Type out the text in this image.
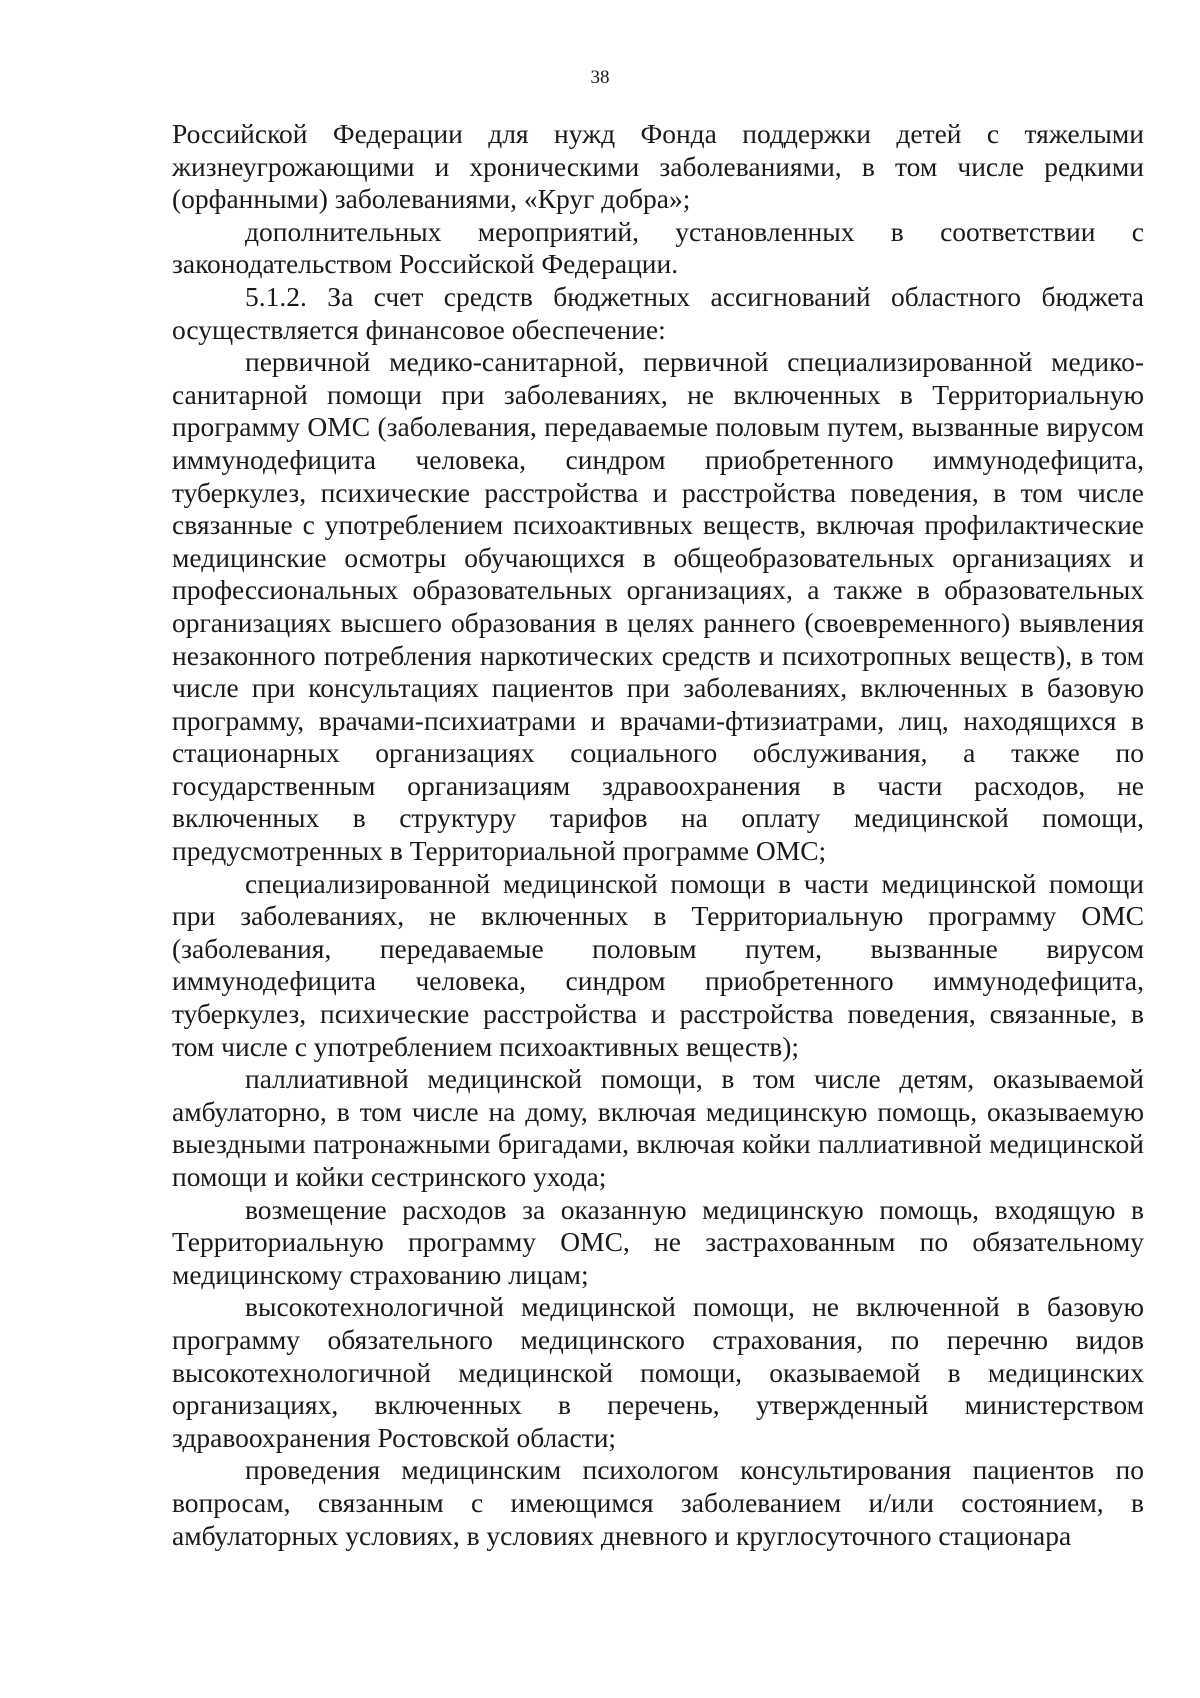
38

Российской Федерации для нужд Фонда поддержки детей с тяжелыми жизнеугрожающими и хроническими заболеваниями, в том числе редкими (орфанными) заболеваниями, «Круг добра»;

дополнительных мероприятий, установленных в соответствии с законодательством Российской Федерации.

5.1.2. За счет средств бюджетных ассигнований областного бюджета осуществляется финансовое обеспечение:

первичной медико-санитарной, первичной специализированной медико-санитарной помощи при заболеваниях, не включенных в Территориальную программу ОМС (заболевания, передаваемые половым путем, вызванные вирусом иммунодефицита человека, синдром приобретенного иммунодефицита, туберкулез, психические расстройства и расстройства поведения, в том числе связанные с употреблением психоактивных веществ, включая профилактические медицинские осмотры обучающихся в общеобразовательных организациях и профессиональных образовательных организациях, а также в образовательных организациях высшего образования в целях раннего (своевременного) выявления незаконного потребления наркотических средств и психотропных веществ), в том числе при консультациях пациентов при заболеваниях, включенных в базовую программу, врачами-психиатрами и врачами-фтизиатрами, лиц, находящихся в стационарных организациях социального обслуживания, а также по государственным организациям здравоохранения в части расходов, не включенных в структуру тарифов на оплату медицинской помощи, предусмотренных в Территориальной программе ОМС;

специализированной медицинской помощи в части медицинской помощи при заболеваниях, не включенных в Территориальную программу ОМС (заболевания, передаваемые половым путем, вызванные вирусом иммунодефицита человека, синдром приобретенного иммунодефицита, туберкулез, психические расстройства и расстройства поведения, связанные, в том числе с употреблением психоактивных веществ);

паллиативной медицинской помощи, в том числе детям, оказываемой амбулаторно, в том числе на дому, включая медицинскую помощь, оказываемую выездными патронажными бригадами, включая койки паллиативной медицинской помощи и койки сестринского ухода;

возмещение расходов за оказанную медицинскую помощь, входящую в Территориальную программу ОМС, не застрахованным по обязательному медицинскому страхованию лицам;

высокотехнологичной медицинской помощи, не включенной в базовую программу обязательного медицинского страхования, по перечню видов высокотехнологичной медицинской помощи, оказываемой в медицинских организациях, включенных в перечень, утвержденный министерством здравоохранения Ростовской области;

проведения медицинским психологом консультирования пациентов по вопросам, связанным с имеющимся заболеванием и/или состоянием, в амбулаторных условиях, в условиях дневного и круглосуточного стационара
